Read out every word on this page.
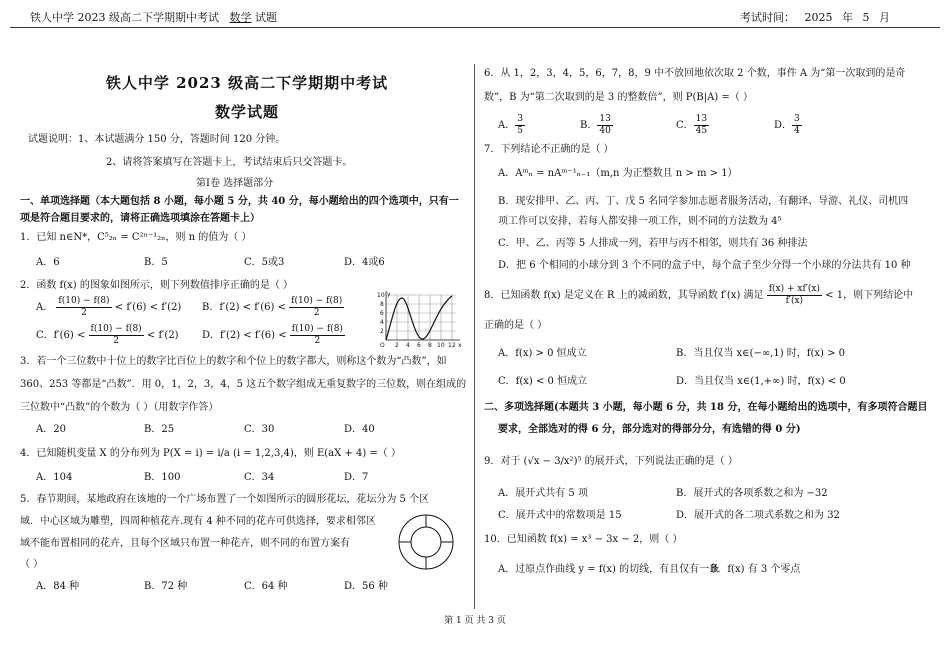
铁人中学 2023 级高二下学期期中考试 数学 试题	考试时间： 2025 年 5 月
铁人中学 2023 级高二下学期期中考试
数学试题
试题说明：1、本试题满分 150 分，答题时间 120 分钟。
2、请将答案填写在答题卡上，考试结束后只交答题卡。
第Ⅰ卷 选择题部分
一、单项选择题（本大题包括 8 小题，每小题 5 分，共 40 分，每小题给出的四个选项中，只有一
项是符合题目要求的，请将正确选项填涂在答题卡上）
1．已知 n∈N*，C⁵₂ₙ = C²ⁿ⁻¹₂ₙ，则 n 的值为（ ）
A．6	B．5	C．5或3	D．4或6
2．函数 f(x) 的图象如图所示，则下列数值排序正确的是（ ）
A． $\frac{f(10) - f(8)}{2} < f'(6) < f'(2)$ B．$f'(2) < f'(6) < \frac{f(10) - f(8)}{2}$
C．$f'(6) < \frac{f(10) - f(8)}{2} < f'(2)$ D．$f'(2) < f'(6) < \frac{f(10) - f(8)}{2}$
3．若一个三位数中十位上的数字比百位上的数字和个位上的数字都大，则称这个数为“凸数”，如
360、253 等都是“凸数”．用 0，1，2，3，4，5 这五个数字组成无重复数字的三位数，则在组成的
三位数中“凸数”的个数为（ ）（用数字作答）
A．20	B．25	C．30	D．40
4．已知随机变量 X 的分布列为 P(X = i) = i/a (i = 1,2,3,4)，则 E(aX + 4) =（ ）
A．104	B．100	C．34	D．7
5．春节期间，某地政府在该地的一个广场布置了一个如图所示的圆形花坛，花坛分为 5 个区
域．中心区域为雕塑，四周种植花卉.现有 4 种不同的花卉可供选择，要求相邻区
域不能布置相同的花卉，且每个区域只布置一种花卉，则不同的布置方案有
（ ）
A．84 种	B．72 种	C．64 种	D．56 种
10
8
6
4
2
O 2 4 6 8 10 12 x
y
6．从 1，2，3，4，5，6，7，8，9 中不放回地依次取 2 个数，事件 A 为“第一次取到的是奇
数”，B 为“第二次取到的是 3 的整数倍”，则 P(B|A) =（ ）
A． $\frac{3}{5}$	B． $\frac{13}{40}$	C． $\frac{13}{45}$	D． $\frac{3}{4}$
7．下列结论不正确的是（ ）
A．Aᵐₙ = nAᵐ⁻¹ₙ₋₁（m,n 为正整数且 n > m > 1）
B．现安排甲、乙、丙、丁、戊 5 名同学参加志愿者服务活动，有翻译、导游、礼仪、司机四
项工作可以安排，若每人都安排一项工作，则不同的方法数为 4⁵
C．甲、乙、丙等 5 人排成一列，若甲与丙不相邻，则共有 36 种排法
D．把 6 个相同的小球分到 3 个不同的盒子中，每个盒子至少分得一个小球的分法共有 10 种
8．已知函数 f(x) 是定义在 R 上的减函数，其导函数 f′(x) 满足 $\frac{f(x) + xf'(x)}{f'(x)} < 1$，则下列结论中
正确的是（ ）
A．f(x) > 0 恒成立	B．当且仅当 x∈(−∞,1) 时，f(x) > 0
C．f(x) < 0 恒成立	D．当且仅当 x∈(1,+∞) 时，f(x) < 0
二、多项选择题(本题共 3 小题，每小题 6 分，共 18 分，在每小题给出的选项中，有多项符合题目
要求，全部选对的得 6 分，部分选对的得部分分，有选错的得 0 分)
9．对于 (√x − 3/x²)⁵ 的展开式，下列说法正确的是（ ）
A．展开式共有 5 项	B．展开式的各项系数之和为 −32
C．展开式中的常数项是 15	D．展开式的各二项式系数之和为 32
10．已知函数 f(x) = x³ − 3x − 2，则（ ）
A．过原点作曲线 y = f(x) 的切线，有且仅有一条
B．f(x) 有 3 个零点
第 1 页 共 3 页
